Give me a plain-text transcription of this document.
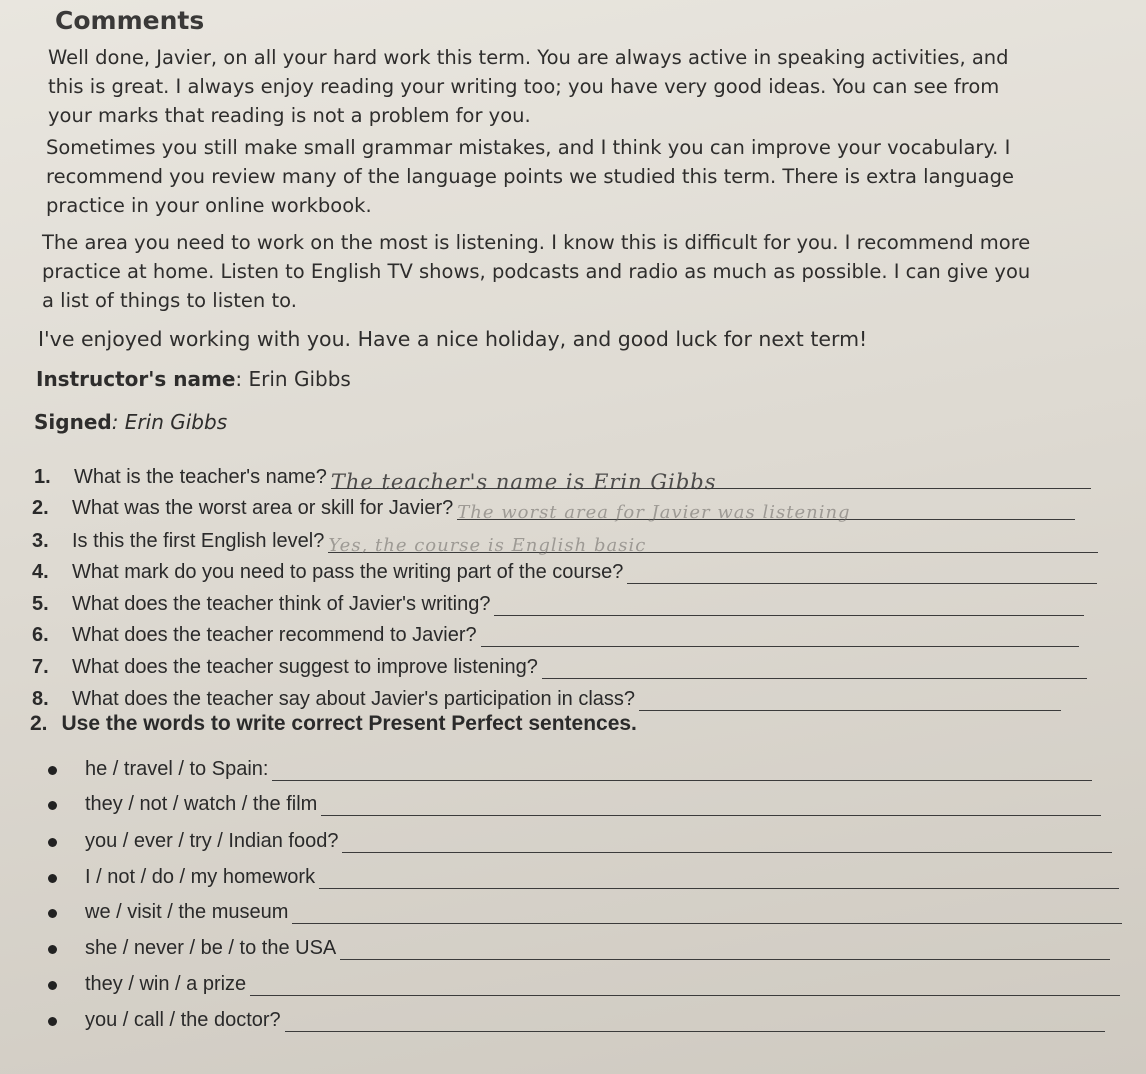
Comments

Well done, Javier, on all your hard work this term. You are always active in speaking activities, and this is great. I always enjoy reading your writing too; you have very good ideas. You can see from your marks that reading is not a problem for you.

Sometimes you still make small grammar mistakes, and I think you can improve your vocabulary. I recommend you review many of the language points we studied this term. There is extra language practice in your online workbook.

The area you need to work on the most is listening. I know this is difficult for you. I recommend more practice at home. Listen to English TV shows, podcasts and radio as much as possible. I can give you a list of things to listen to.

I've enjoyed working with you. Have a nice holiday, and good luck for next term!

Instructor's name: Erin Gibbs
Signed: Erin Gibbs
1.	What is the teacher's name? The teacher's name is Erin Gibbs
2.	What was the worst area or skill for Javier? The worst area for Javier was listening
3.	Is this the first English level? Yes, the course is English basic
4.	What mark do you need to pass the writing part of the course?
5.	What does the teacher think of Javier's writing?
6.	What does the teacher recommend to Javier?
7.	What does the teacher suggest to improve listening?
8.	What does the teacher say about Javier's participation in class?
2. Use the words to write correct Present Perfect sentences.
he / travel / to Spain:
they / not / watch / the film
you / ever / try / Indian food?
I / not / do / my homework
we / visit / the museum
she / never / be / to the USA
they / win / a prize
you / call / the doctor?
